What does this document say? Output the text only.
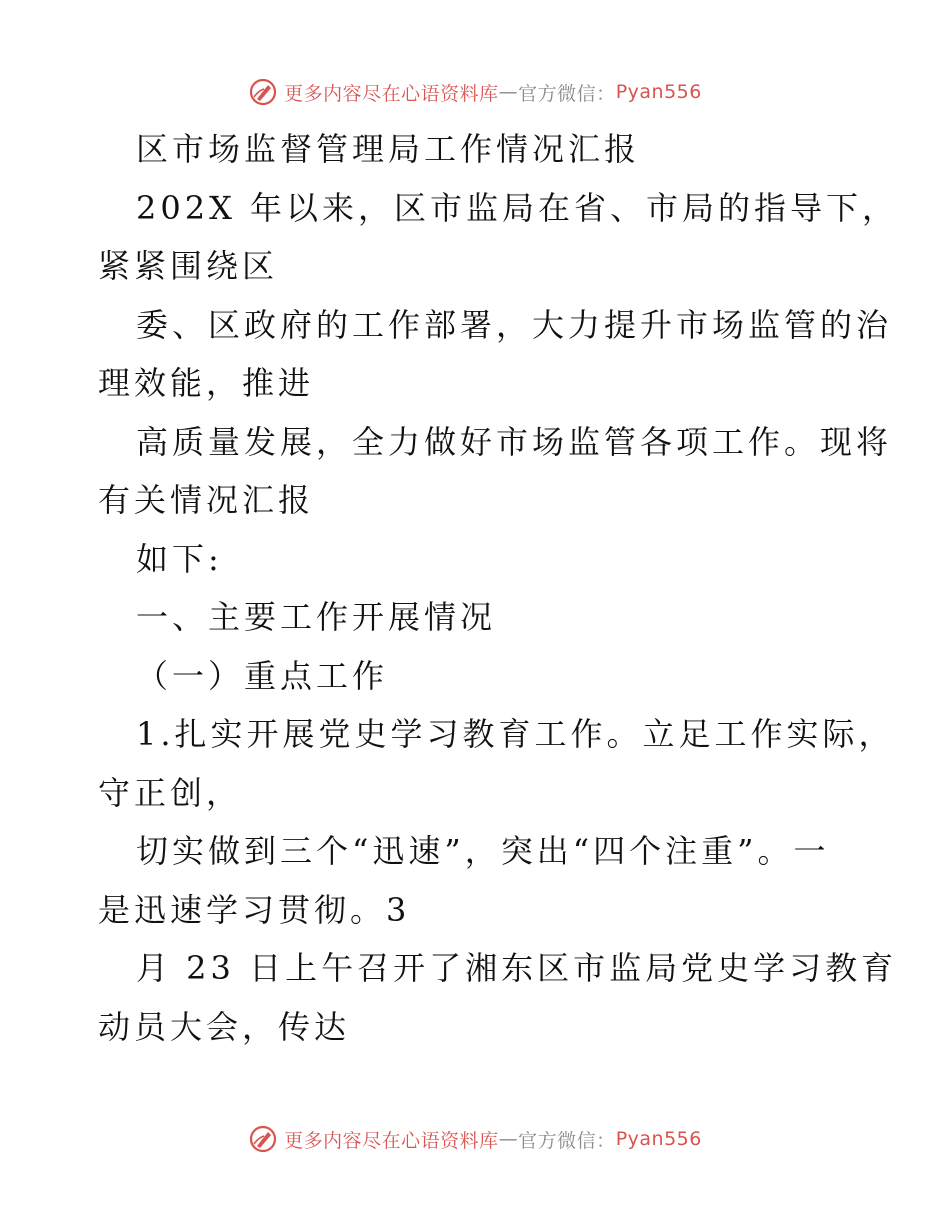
更多内容尽在心语资料库 — 官方微信： Pyan556
区市场监督管理局工作情况汇报
202X 年以来，区市监局在省、市局的指导下，
紧紧围绕区
委、区政府的工作部署，大力提升市场监管的治
理效能，推进
高质量发展，全力做好市场监管各项工作。现将
有关情况汇报
如下:
一、主要工作开展情况
（一）重点工作
1.扎实开展党史学习教育工作。立足工作实际，
守正创，
切实做到三个“迅速”，突出“四个注重”。一
是迅速学习贯彻。3
月 23 日上午召开了湘东区市监局党史学习教育
动员大会，传达
更多内容尽在心语资料库 — 官方微信： Pyan556
